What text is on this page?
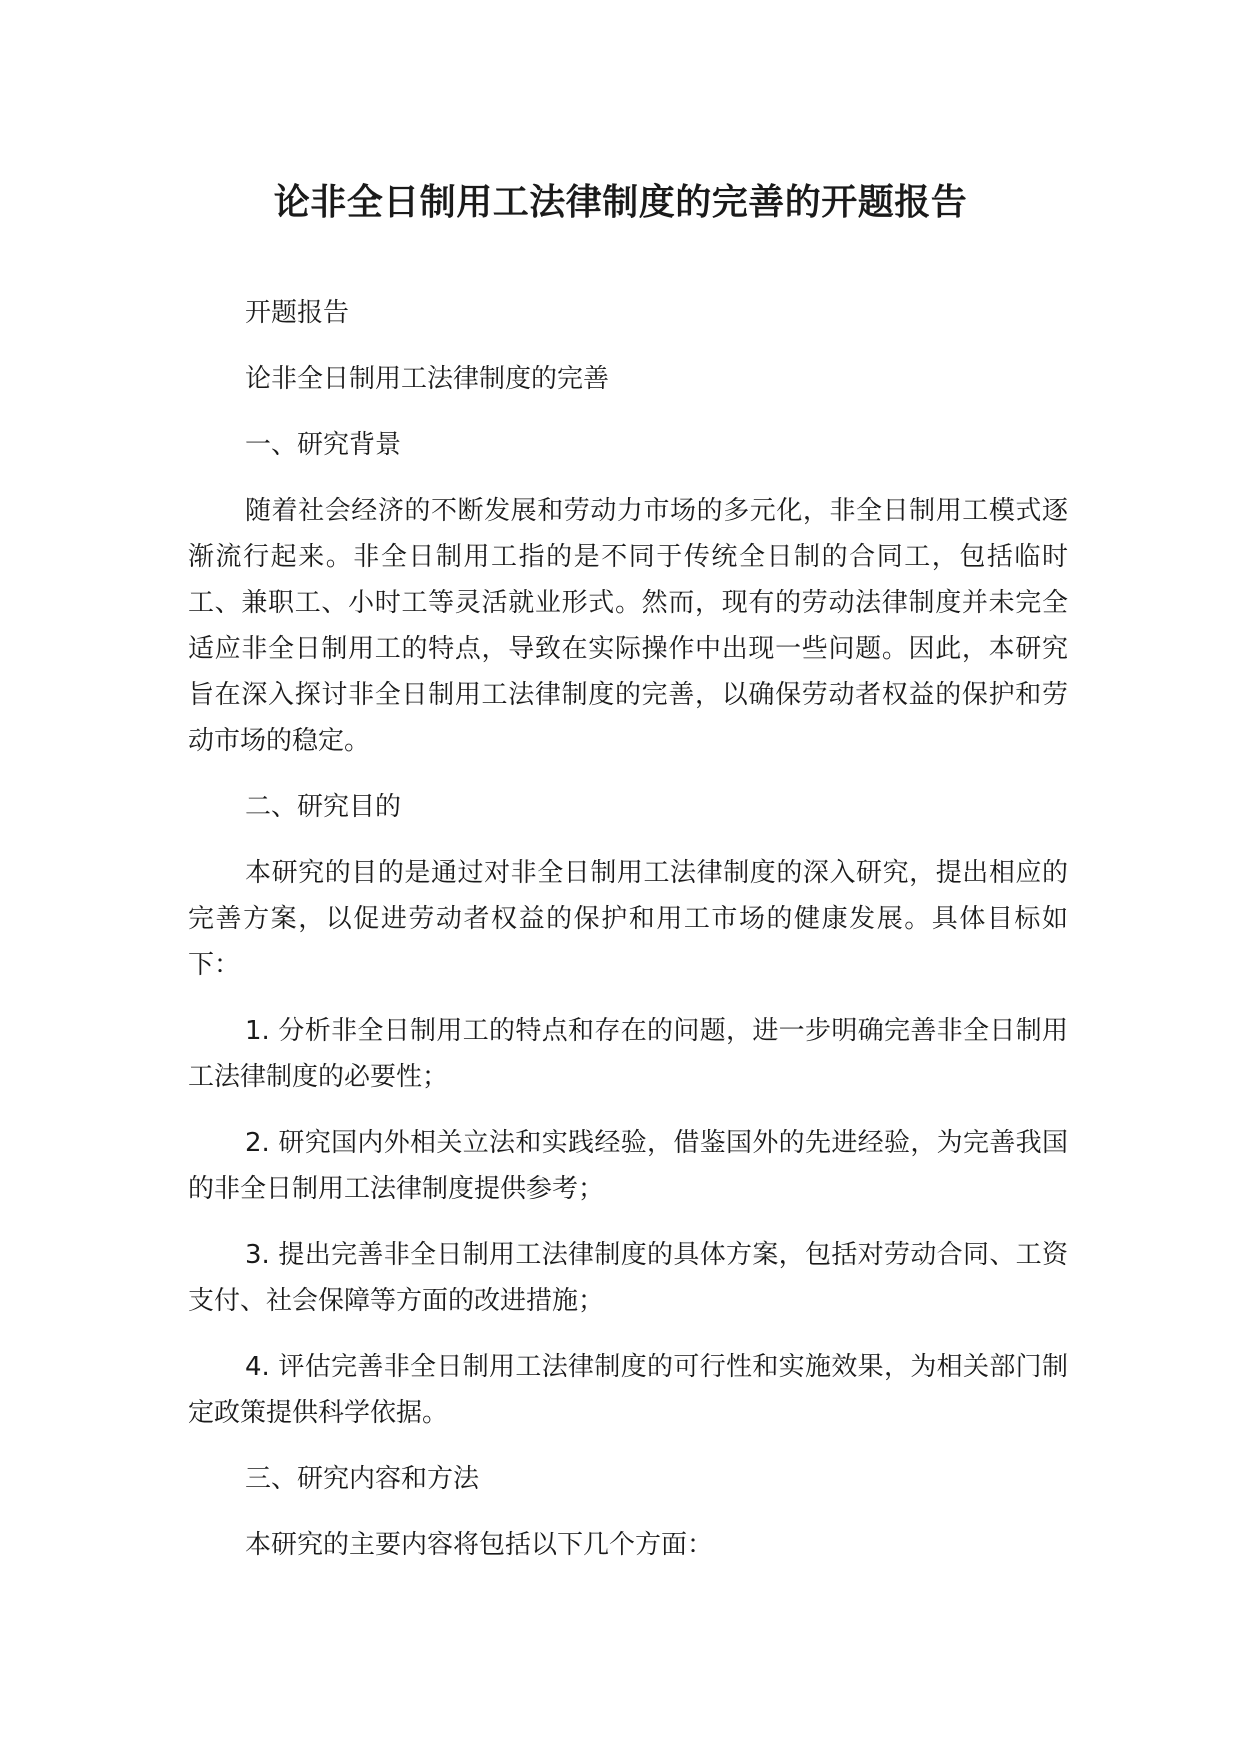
论非全日制用工法律制度的完善的开题报告

开题报告

论非全日制用工法律制度的完善

一、研究背景

随着社会经济的不断发展和劳动力市场的多元化，非全日制用工模式逐渐流行起来。非全日制用工指的是不同于传统全日制的合同工，包括临时工、兼职工、小时工等灵活就业形式。然而，现有的劳动法律制度并未完全适应非全日制用工的特点，导致在实际操作中出现一些问题。因此，本研究旨在深入探讨非全日制用工法律制度的完善，以确保劳动者权益的保护和劳动市场的稳定。

二、研究目的

本研究的目的是通过对非全日制用工法律制度的深入研究，提出相应的完善方案，以促进劳动者权益的保护和用工市场的健康发展。具体目标如下：

1. 分析非全日制用工的特点和存在的问题，进一步明确完善非全日制用工法律制度的必要性；

2. 研究国内外相关立法和实践经验，借鉴国外的先进经验，为完善我国的非全日制用工法律制度提供参考；

3. 提出完善非全日制用工法律制度的具体方案，包括对劳动合同、工资支付、社会保障等方面的改进措施；

4. 评估完善非全日制用工法律制度的可行性和实施效果，为相关部门制定政策提供科学依据。

三、研究内容和方法

本研究的主要内容将包括以下几个方面：
